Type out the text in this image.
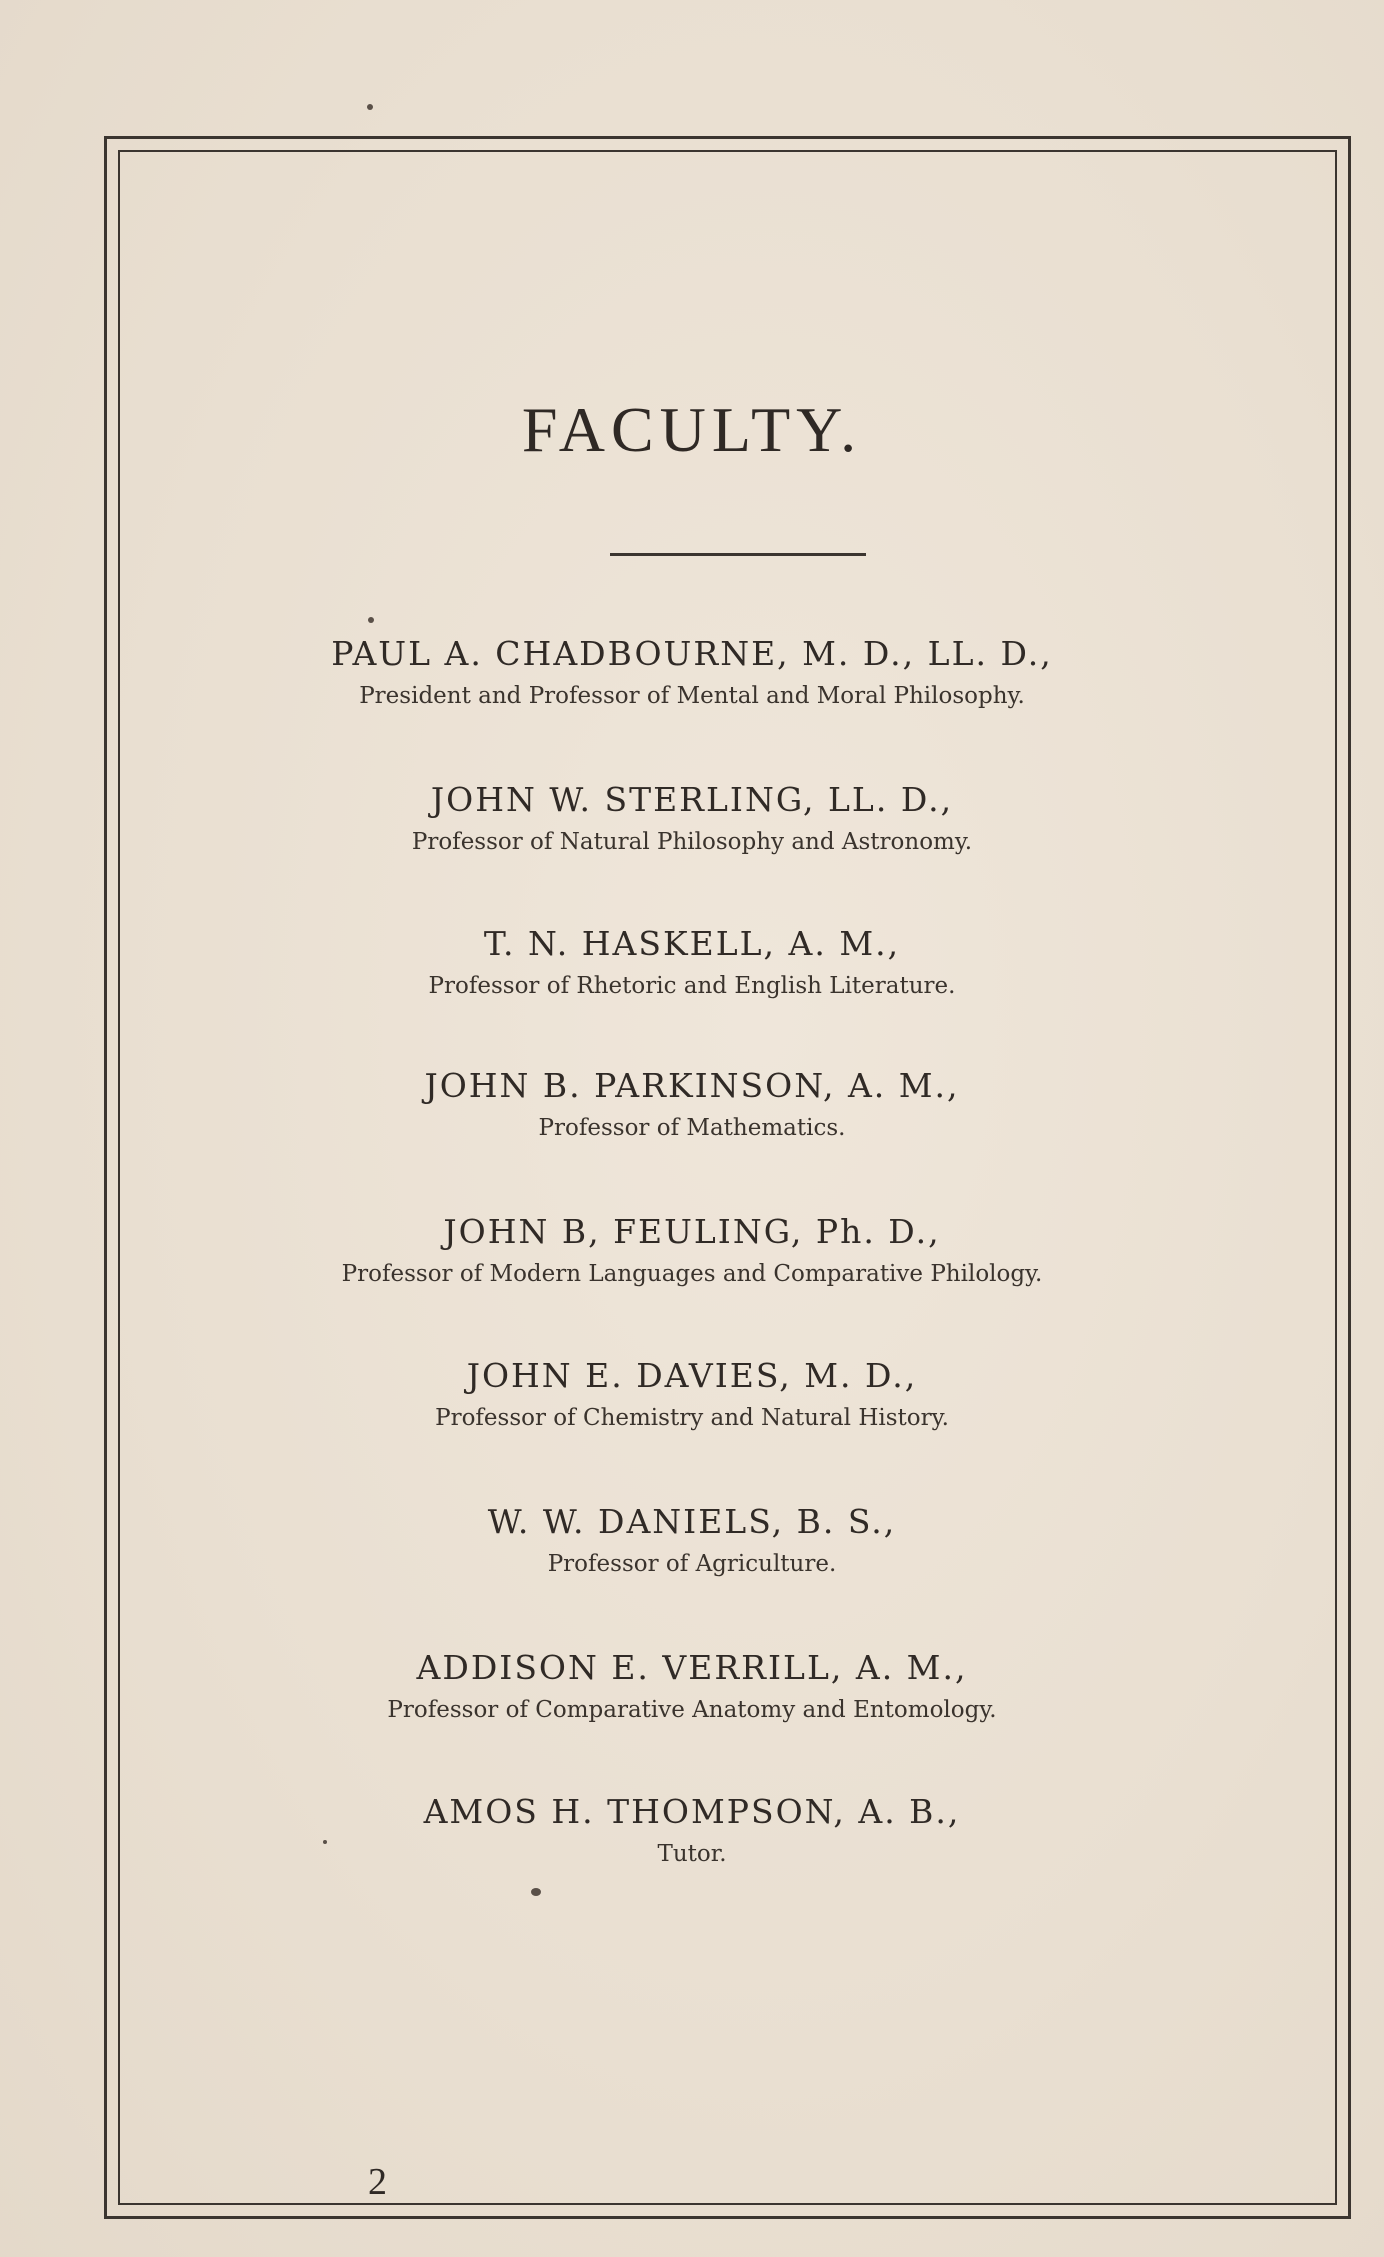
FACULTY.
PAUL A. CHADBOURNE, M. D., LL. D.,
President and Professor of Mental and Moral Philosophy.
JOHN W. STERLING, LL. D.,
Professor of Natural Philosophy and Astronomy.
T. N. HASKELL, A. M.,
Professor of Rhetoric and English Literature.
JOHN B. PARKINSON, A. M.,
Professor of Mathematics.
JOHN B, FEULING, Ph. D.,
Professor of Modern Languages and Comparative Philology.
JOHN E. DAVIES, M. D.,
Professor of Chemistry and Natural History.
W. W. DANIELS, B. S.,
Professor of Agriculture.
ADDISON E. VERRILL, A. M.,
Professor of Comparative Anatomy and Entomology.
AMOS H. THOMPSON, A. B.,
Tutor.
2
